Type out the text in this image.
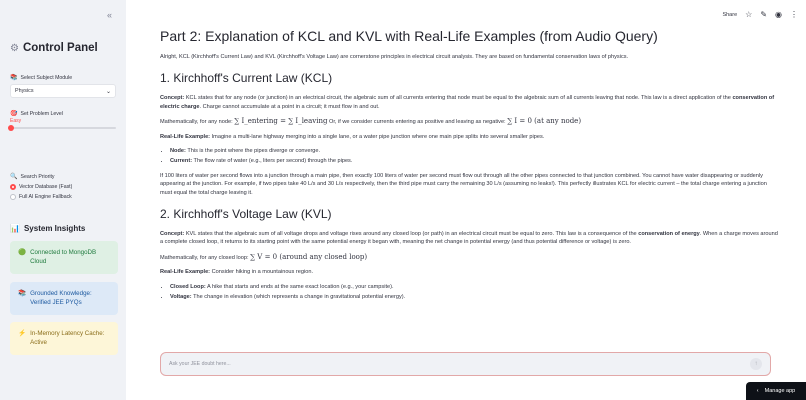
«
⚙ Control Panel
📚 Select Subject Module
Physics	⌄
🎯 Set Problem Level
Easy
🔍 Search Priority
Vector Database (Fast)
Full AI Engine Fallback
📊 System Insights
🟢 Connected to MongoDB Cloud
📚 Grounded Knowledge: Verified JEE PYQs
⚡ In-Memory Latency Cache: Active
Share ☆ ✎ ◉ ⋮
Part 2: Explanation of KCL and KVL with Real-Life Examples (from Audio Query)
Alright, KCL (Kirchhoff's Current Law) and KVL (Kirchhoff's Voltage Law) are cornerstone principles in electrical circuit analysis. They are based on fundamental conservation laws of physics.
1. Kirchhoff's Current Law (KCL)
Concept: KCL states that for any node (or junction) in an electrical circuit, the algebraic sum of all currents entering that node must be equal to the algebraic sum of all currents leaving that node. This law is a direct application of the conservation of electric charge. Charge cannot accumulate at a point in a circuit; it must flow in and out.
Mathematically, for any node: ∑ I_entering = ∑ I_leaving Or, if we consider currents entering as positive and leaving as negative: ∑ I = 0 (at any node)
Real-Life Example: Imagine a multi-lane highway merging into a single lane, or a water pipe junction where one main pipe splits into several smaller pipes.
• Node: This is the point where the pipes diverge or converge.
• Current: The flow rate of water (e.g., liters per second) through the pipes.
If 100 liters of water per second flows into a junction through a main pipe, then exactly 100 liters of water per second must flow out through all the other pipes connected to that junction combined. You cannot have water disappearing or suddenly appearing at the junction. For example, if two pipes take 40 L/s and 30 L/s respectively, then the third pipe must carry the remaining 30 L/s (assuming no leaks!). This perfectly illustrates KCL for electric current – the total charge entering a junction must equal the total charge leaving it.
2. Kirchhoff's Voltage Law (KVL)
Concept: KVL states that the algebraic sum of all voltage drops and voltage rises around any closed loop (or path) in an electrical circuit must be equal to zero. This law is a consequence of the conservation of energy. When a charge moves around a complete closed loop, it returns to its starting point with the same potential energy it began with, meaning the net change in potential energy (and thus potential difference or voltage) is zero.
Mathematically, for any closed loop: ∑ V = 0 (around any closed loop)
Real-Life Example: Consider hiking in a mountainous region.
• Closed Loop: A hike that starts and ends at the same exact location (e.g., your campsite).
• Voltage: The change in elevation (which represents a change in gravitational potential energy).
Ask your JEE doubt here...	↑
‹ Manage app
